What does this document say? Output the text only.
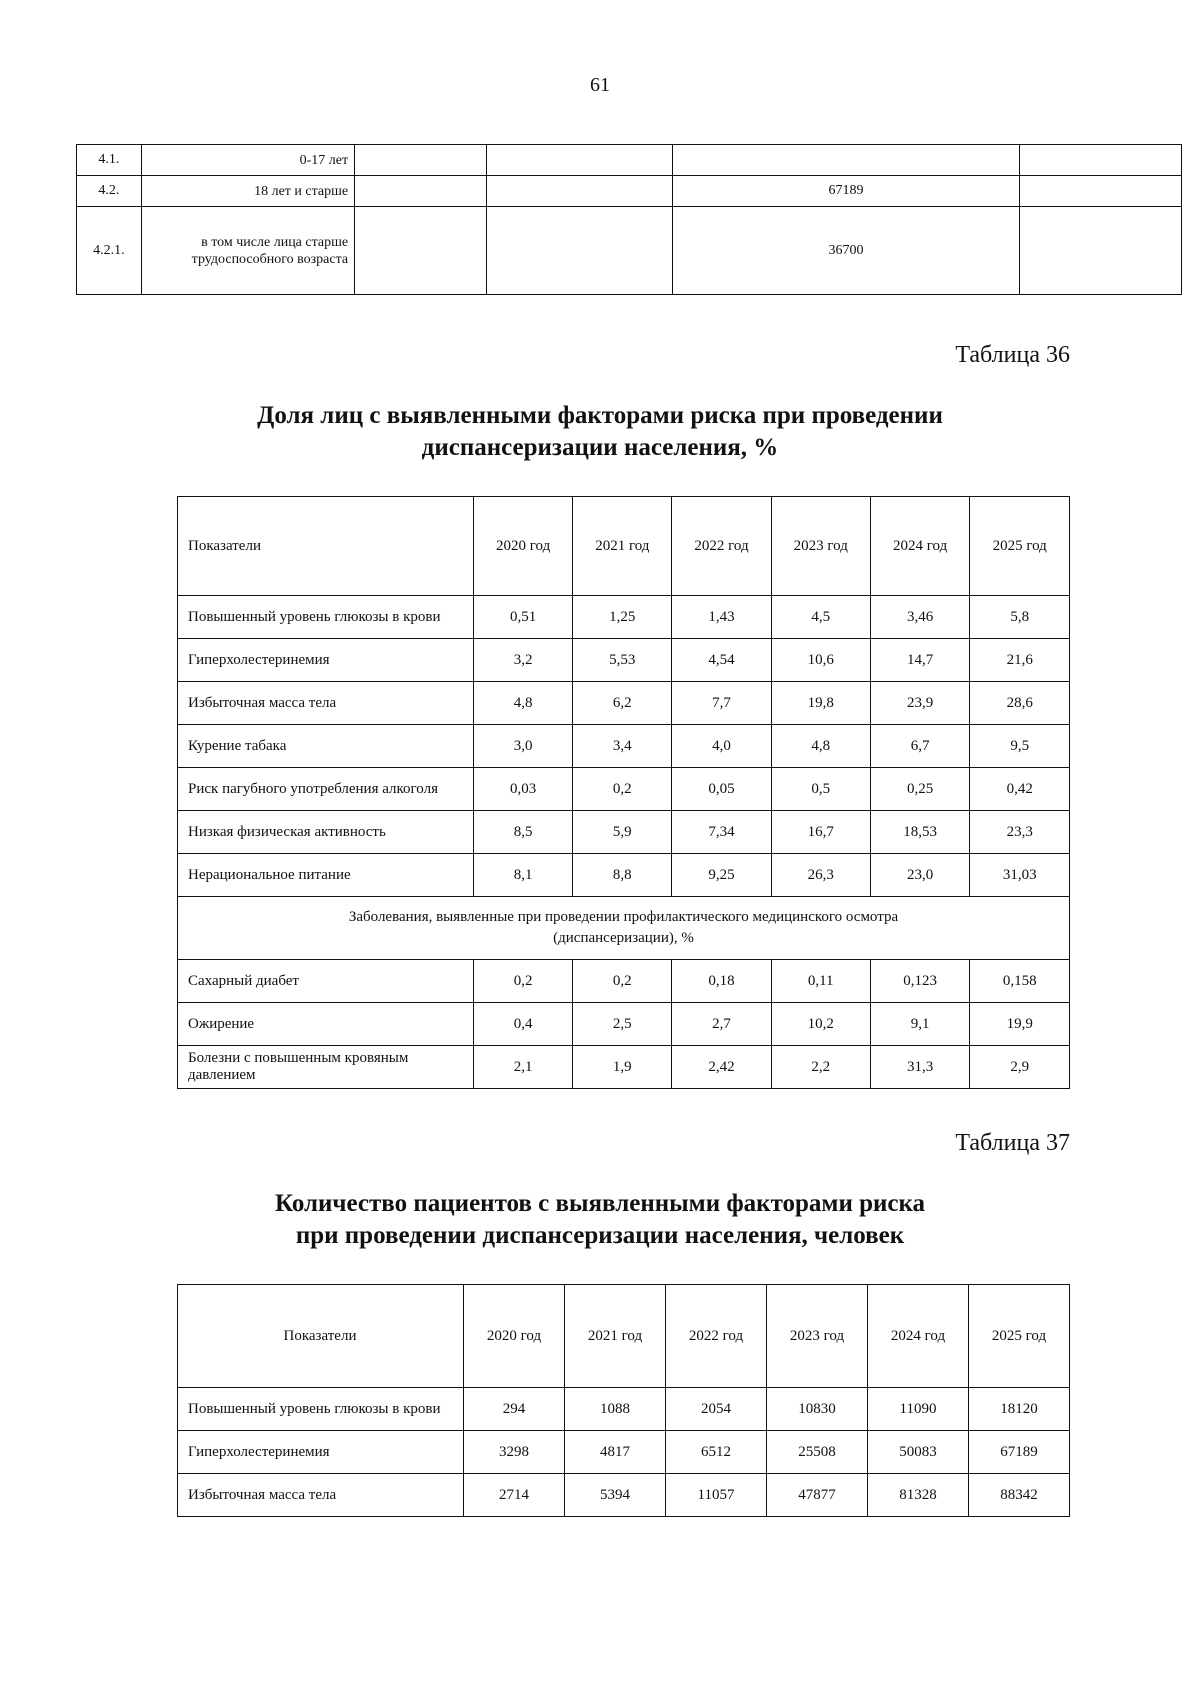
61
4.1.	0-17 лет				
4.2.	18 лет и старше			67189	
4.2.1.	в том числе лица старше трудоспособного возраста			36700	
Таблица 36
Доля лиц с выявленными факторами риска при проведении
диспансеризации населения, %
Показатели	2020 год	2021 год	2022 год	2023 год	2024 год	2025 год
Повышенный уровень глюкозы в крови	0,51	1,25	1,43	4,5	3,46	5,8
Гиперхолестеринемия	3,2	5,53	4,54	10,6	14,7	21,6
Избыточная масса тела	4,8	6,2	7,7	19,8	23,9	28,6
Курение табака	3,0	3,4	4,0	4,8	6,7	9,5
Риск пагубного употребления алкоголя	0,03	0,2	0,05	0,5	0,25	0,42
Низкая физическая активность	8,5	5,9	7,34	16,7	18,53	23,3
Нерациональное питание	8,1	8,8	9,25	26,3	23,0	31,03
Заболевания, выявленные при проведении профилактического медицинского осмотра (диспансеризации), %						
Сахарный диабет	0,2	0,2	0,18	0,11	0,123	0,158
Ожирение	0,4	2,5	2,7	10,2	9,1	19,9
Болезни с повышенным кровяным давлением	2,1	1,9	2,42	2,2	31,3	2,9
Таблица 37
Количество пациентов с выявленными факторами риска
при проведении диспансеризации населения, человек
Показатели	2020 год	2021 год	2022 год	2023 год	2024 год	2025 год
Повышенный уровень глюкозы в крови	294	1088	2054	10830	11090	18120
Гиперхолестеринемия	3298	4817	6512	25508	50083	67189
Избыточная масса тела	2714	5394	11057	47877	81328	88342
